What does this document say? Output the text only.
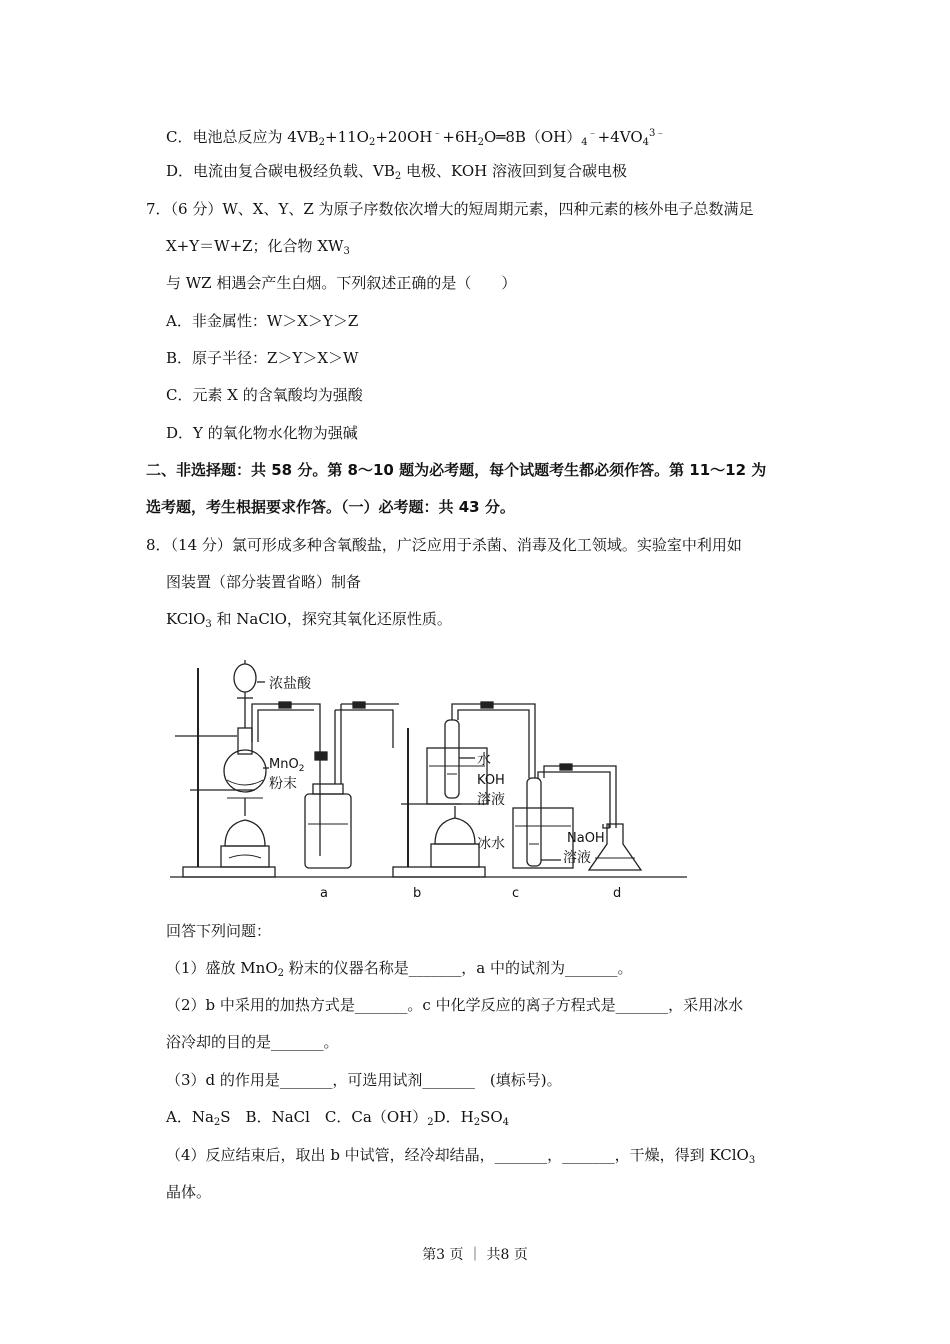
C．电池总反应为 $4VB_2+11O_2+20OH^﹣+6H_2O═8B(OH)_4^﹣+4VO_4^{3﹣}$
D．电流由复合碳电极经负载、$VB_2$ 电极、KOH 溶液回到复合碳电极
7．（6 分）W、X、Y、Z 为原子序数依次增大的短周期元素，四种元素的核外电子总数满足
X+Y＝W+Z；化合物 $XW_3$
与 WZ 相遇会产生白烟。下列叙述正确的是（　　）
A．非金属性：W＞X＞Y＞Z
B．原子半径：Z＞Y＞X＞W
C．元素 X 的含氧酸均为强酸
D．Y 的氧化物水化物为强碱
二、非选择题：共 58 分。第 8～10 题为必考题，每个试题考生都必须作答。第 11～12 为
选考题，考生根据要求作答。（一）必考题：共 43 分。
8．（14 分）氯可形成多种含氧酸盐，广泛应用于杀菌、消毒及化工领域。实验室中利用如
图装置（部分装置省略）制备
KClO$_3$ 和 NaClO，探究其氧化还原性质。
浓盐酸
MnO$_2$
粉末
水
KOH
溶液
冰水	NaOH
溶液
a	b	c	d
回答下列问题：
（1）盛放 MnO$_2$ 粉末的仪器名称是_______，a 中的试剂为_______。
（2）b 中采用的加热方式是_______。c 中化学反应的离子方程式是_______，采用冰水
浴冷却的目的是_______。
（3）d 的作用是_______，可选用试剂_______　(填标号)。
A．$Na_2S$　B．NaCl　C．$Ca(OH)_2D$．$H_2SO_4$
（4）反应结束后，取出 b 中试管，经冷却结晶，_______，_______，干燥，得到 KClO$_3$
晶体。
第3 页 ｜ 共8 页
